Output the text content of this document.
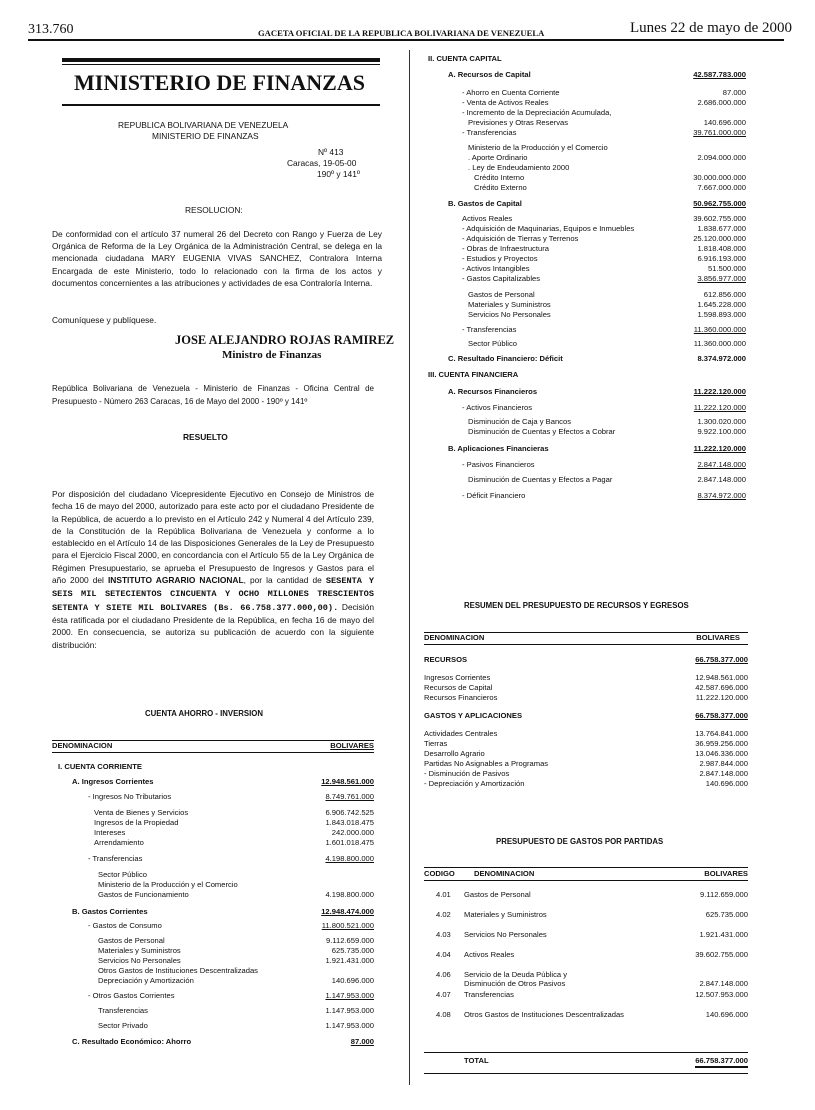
313.760	GACETA OFICIAL DE LA REPUBLICA BOLIVARIANA DE VENEZUELA	Lunes 22 de mayo de 2000
MINISTERIO DE FINANZAS
REPUBLICA BOLIVARIANA DE VENEZUELA
MINISTERIO DE FINANZAS
Nº 413
Caracas, 19-05-00
190º y 141º
RESOLUCION:

De conformidad con el artículo 37 numeral 26 del Decreto con Rango y Fuerza de Ley Orgánica de Reforma de la Ley Orgánica de la Administración Central, se delega en la mencionada ciudadana MARY EUGENIA VIVAS SANCHEZ, Contralora Interna Encargada de este Ministerio, todo lo relacionado con la firma de los actos y documentos concernientes a las atribuciones y actividades de esa Contraloría Interna.

Comuníquese y publíquese.
JOSE ALEJANDRO ROJAS RAMIREZ
Ministro de Finanzas

República Bolivariana de Venezuela - Ministerio de Finanzas - Oficina Central de Presupuesto - Número 263 Caracas, 16 de Mayo del 2000 - 190º y 141º

RESUELTO

Por disposición del ciudadano Vicepresidente Ejecutivo en Consejo de Ministros de fecha 16 de mayo del 2000, autorizado para este acto por el ciudadano Presidente de la República, de acuerdo a lo previsto en el Artículo 242 y Numeral 4 del Artículo 239, de la Constitución de la República Bolivariana de Venezuela y conforme a lo establecido en el Artículo 14 de las Disposiciones Generales de la Ley de Presupuesto para el Ejercicio Fiscal 2000, en concordancia con el Artículo 55 de la Ley Orgánica de Régimen Presupuestario, se aprueba el Presupuesto de Ingresos y Gastos para el año 2000 del INSTITUTO AGRARIO NACIONAL, por la cantidad de SESENTA Y SEIS MIL SETECIENTOS CINCUENTA Y OCHO MILLONES TRESCIENTOS SETENTA Y SIETE MIL BOLIVARES (Bs. 66.758.377.000,00). Decisión ésta ratificada por el ciudadano Presidente de la República, en fecha 16 de mayo del 2000. En consecuencia, se autoriza su publicación de acuerdo con la siguiente distribución:

CUENTA AHORRO - INVERSION
DENOMINACION	BOLIVARES
I. CUENTA CORRIENTE
A. Ingresos Corrientes	12.948.561.000
- Ingresos No Tributarios	8.749.761.000
Venta de Bienes y Servicios	6.906.742.525
Ingresos de la Propiedad	1.843.018.475
Intereses	242.000.000
Arrendamiento	1.601.018.475
- Transferencias	4.198.800.000
Sector Público
Ministerio de la Producción y el Comercio
Gastos de Funcionamiento	4.198.800.000
B. Gastos Corrientes	12.948.474.000
- Gastos de Consumo	11.800.521.000
Gastos de Personal	9.112.659.000
Materiales y Suministros	625.735.000
Servicios No Personales	1.921.431.000
Otros Gastos de Instituciones Descentralizadas
Depreciación y Amortización	140.696.000
- Otros Gastos Corrientes	1.147.953.000
Transferencias	1.147.953.000
Sector Privado	1.147.953.000
C. Resultado Económico: Ahorro	87.000
II. CUENTA CAPITAL
A. Recursos de Capital	42.587.783.000
- Ahorro en Cuenta Corriente	87.000
- Venta de Activos Reales	2.686.000.000
- Incremento de la Depreciación Acumulada,
Previsiones y Otras Reservas	140.696.000
- Transferencias	39.761.000.000
Ministerio de la Producción y el Comercio
. Aporte Ordinario	2.094.000.000
. Ley de Endeudamiento 2000
Crédito Interno	30.000.000.000
Crédito Externo	7.667.000.000
B. Gastos de Capital	50.962.755.000
Activos Reales	39.602.755.000
- Adquisición de Maquinarias, Equipos e Inmuebles	1.838.677.000
- Adquisición de Tierras y Terrenos	25.120.000.000
- Obras de Infraestructura	1.818.408.000
- Estudios y Proyectos	6.916.193.000
- Activos Intangibles	51.500.000
- Gastos Capitalizables	3.856.977.000
Gastos de Personal	612.856.000
Materiales y Suministros	1.645.228.000
Servicios No Personales	1.598.893.000
- Transferencias	11.360.000.000
Sector Público	11.360.000.000
C. Resultado Financiero: Déficit	8.374.972.000
III. CUENTA FINANCIERA
A. Recursos Financieros	11.222.120.000
- Activos Financieros	11.222.120.000
Disminución de Caja y Bancos	1.300.020.000
Disminución de Cuentas y Efectos a Cobrar	9.922.100.000
B. Aplicaciones Financieras	11.222.120.000
- Pasivos Financieros	2.847.148.000
Disminución de Cuentas y Efectos a Pagar	2.847.148.000
- Déficit Financiero	8.374.972.000
RESUMEN DEL PRESUPUESTO DE RECURSOS Y EGRESOS
DENOMINACION	BOLIVARES
RECURSOS	66.758.377.000
Ingresos Corrientes	12.948.561.000
Recursos de Capital	42.587.696.000
Recursos Financieros	11.222.120.000
GASTOS Y APLICACIONES	66.758.377.000
Actividades Centrales	13.764.841.000
Tierras	36.959.256.000
Desarrollo Agrario	13.046.336.000
Partidas No Asignables a Programas	2.987.844.000
- Disminución de Pasivos	2.847.148.000
- Depreciación y Amortización	140.696.000
PRESUPUESTO DE GASTOS POR PARTIDAS
CODIGO	DENOMINACION	BOLIVARES
4.01 Gastos de Personal	9.112.659.000
4.02 Materiales y Suministros	625.735.000
4.03 Servicios No Personales	1.921.431.000
4.04 Activos Reales	39.602.755.000
4.06 Servicio de la Deuda Pública y
Disminución de Otros Pasivos	2.847.148.000
4.07 Transferencias	12.507.953.000
4.08 Otros Gastos de Instituciones Descentralizadas	140.696.000
TOTAL	66.758.377.000
